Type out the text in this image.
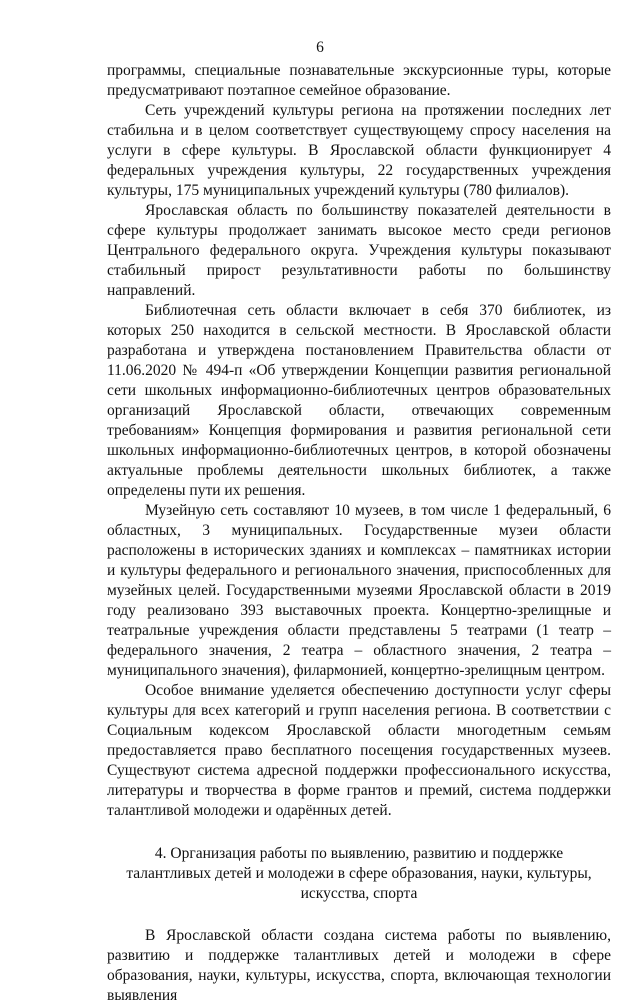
6

программы, специальные познавательные экскурсионные туры, которые предусматривают поэтапное семейное образование.

Сеть учреждений культуры региона на протяжении последних лет стабильна и в целом соответствует существующему спросу населения на услуги в сфере культуры. В Ярославской области функционирует 4 федеральных учреждения культуры, 22 государственных учреждения культуры, 175 муниципальных учреждений культуры (780 филиалов).

Ярославская область по большинству показателей деятельности в сфере культуры продолжает занимать высокое место среди регионов Центрального федерального округа. Учреждения культуры показывают стабильный прирост результативности работы по большинству направлений.

Библиотечная сеть области включает в себя 370 библиотек, из которых 250 находится в сельской местности. В Ярославской области разработана и утверждена постановлением Правительства области от 11.06.2020 № 494-п «Об утверждении Концепции развития региональной сети школьных информационно-библиотечных центров образовательных организаций Ярославской области, отвечающих современным требованиям» Концепция формирования и развития региональной сети школьных информационно-библиотечных центров, в которой обозначены актуальные проблемы деятельности школьных библиотек, а также определены пути их решения.

Музейную сеть составляют 10 музеев, в том числе 1 федеральный, 6 областных, 3 муниципальных. Государственные музеи области расположены в исторических зданиях и комплексах – памятниках истории и культуры федерального и регионального значения, приспособленных для музейных целей. Государственными музеями Ярославской области в 2019 году реализовано 393 выставочных проекта. Концертно-зрелищные и театральные учреждения области представлены 5 театрами (1 театр – федерального значения, 2 театра – областного значения, 2 театра – муниципального значения), филармонией, концертно-зрелищным центром.

Особое внимание уделяется обеспечению доступности услуг сферы культуры для всех категорий и групп населения региона. В соответствии с Социальным кодексом Ярославской области многодетным семьям предоставляется право бесплатного посещения государственных музеев. Существуют система адресной поддержки профессионального искусства, литературы и творчества в форме грантов и премий, система поддержки талантливой молодежи и одарённых детей.

4. Организация работы по выявлению, развитию и поддержке
талантливых детей и молодежи в сфере образования, науки, культуры,
искусства, спорта

В Ярославской области создана система работы по выявлению, развитию и поддержке талантливых детей и молодежи в сфере образования, науки, культуры, искусства, спорта, включающая технологии выявления
